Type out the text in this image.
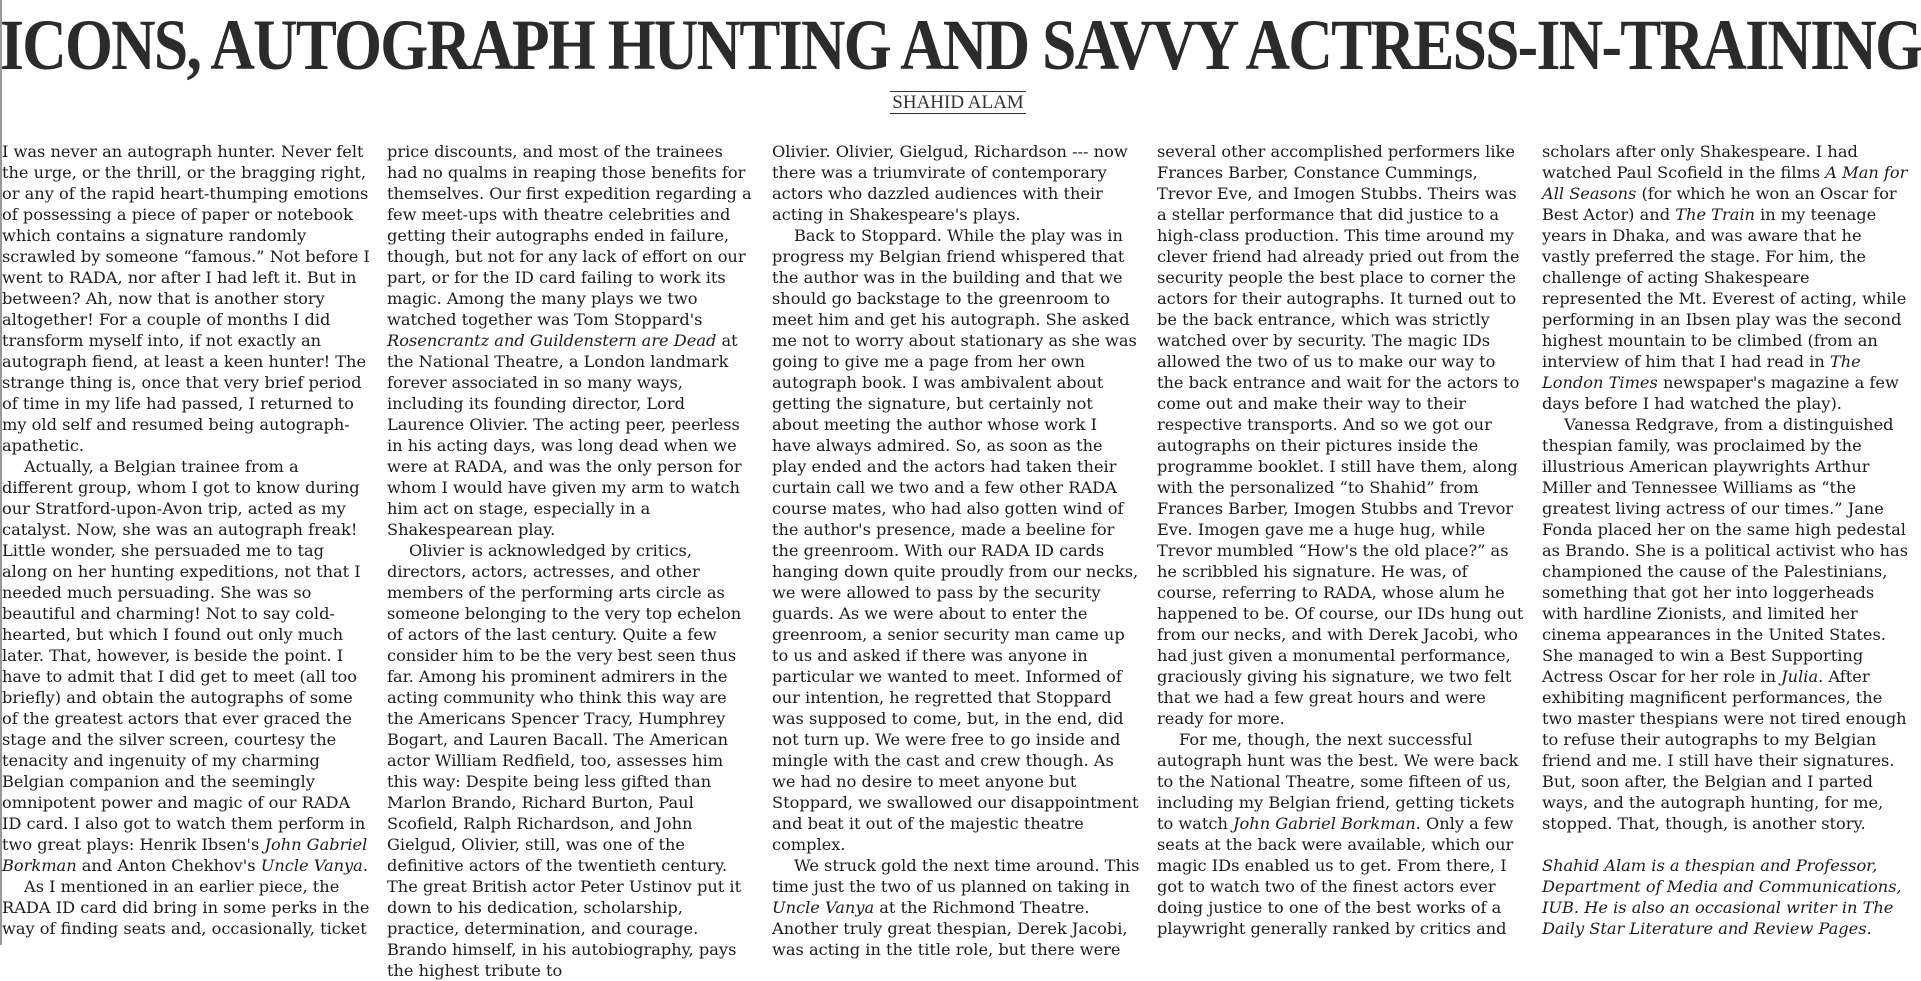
ICONS, AUTOGRAPH HUNTING AND SAVVY ACTRESS-IN-TRAINING
SHAHID ALAM

I was never an autograph hunter. Never felt the urge, or the thrill, or the bragging right, or any of the rapid heart-thumping emotions of possessing a piece of paper or notebook which contains a signature randomly scrawled by someone “famous.” Not before I went to RADA, nor after I had left it. But in between? Ah, now that is another story altogether! For a couple of months I did transform myself into, if not exactly an autograph fiend, at least a keen hunter! The strange thing is, once that very brief period of time in my life had passed, I returned to my old self and resumed being autograph-apathetic.

Actually, a Belgian trainee from a different group, whom I got to know during our Stratford-upon-Avon trip, acted as my catalyst. Now, she was an autograph freak! Little wonder, she persuaded me to tag along on her hunting expeditions, not that I needed much persuading. She was so beautiful and charming! Not to say cold-hearted, but which I found out only much later. That, however, is beside the point. I have to admit that I did get to meet (all too briefly) and obtain the autographs of some of the greatest actors that ever graced the stage and the silver screen, courtesy the tenacity and ingenuity of my charming Belgian companion and the seemingly omnipotent power and magic of our RADA ID card. I also got to watch them perform in two great plays: Henrik Ibsen's John Gabriel Borkman and Anton Chekhov's Uncle Vanya.

As I mentioned in an earlier piece, the RADA ID card did bring in some perks in the way of finding seats and, occasionally, ticket

price discounts, and most of the trainees had no qualms in reaping those benefits for themselves. Our first expedition regarding a few meet-ups with theatre celebrities and getting their autographs ended in failure, though, but not for any lack of effort on our part, or for the ID card failing to work its magic. Among the many plays we two watched together was Tom Stoppard's Rosencrantz and Guildenstern are Dead at the National Theatre, a London landmark forever associated in so many ways, including its founding director, Lord Laurence Olivier. The acting peer, peerless in his acting days, was long dead when we were at RADA, and was the only person for whom I would have given my arm to watch him act on stage, especially in a Shakespearean play.

Olivier is acknowledged by critics, directors, actors, actresses, and other members of the performing arts circle as someone belonging to the very top echelon of actors of the last century. Quite a few consider him to be the very best seen thus far. Among his prominent admirers in the acting community who think this way are the Americans Spencer Tracy, Humphrey Bogart, and Lauren Bacall. The American actor William Redfield, too, assesses him this way: Despite being less gifted than Marlon Brando, Richard Burton, Paul Scofield, Ralph Richardson, and John Gielgud, Olivier, still, was one of the definitive actors of the twentieth century. The great British actor Peter Ustinov put it down to his dedication, scholarship, practice, determination, and courage. Brando himself, in his autobiography, pays the highest tribute to

Olivier. Olivier, Gielgud, Richardson --- now there was a triumvirate of contemporary actors who dazzled audiences with their acting in Shakespeare's plays.

Back to Stoppard. While the play was in progress my Belgian friend whispered that the author was in the building and that we should go backstage to the greenroom to meet him and get his autograph. She asked me not to worry about stationary as she was going to give me a page from her own autograph book. I was ambivalent about getting the signature, but certainly not about meeting the author whose work I have always admired. So, as soon as the play ended and the actors had taken their curtain call we two and a few other RADA course mates, who had also gotten wind of the author's presence, made a beeline for the greenroom. With our RADA ID cards hanging down quite proudly from our necks, we were allowed to pass by the security guards. As we were about to enter the greenroom, a senior security man came up to us and asked if there was anyone in particular we wanted to meet. Informed of our intention, he regretted that Stoppard was supposed to come, but, in the end, did not turn up. We were free to go inside and mingle with the cast and crew though. As we had no desire to meet anyone but Stoppard, we swallowed our disappointment and beat it out of the majestic theatre complex.

We struck gold the next time around. This time just the two of us planned on taking in Uncle Vanya at the Richmond Theatre. Another truly great thespian, Derek Jacobi, was acting in the title role, but there were

several other accomplished performers like Frances Barber, Constance Cummings, Trevor Eve, and Imogen Stubbs. Theirs was a stellar performance that did justice to a high-class production. This time around my clever friend had already pried out from the security people the best place to corner the actors for their autographs. It turned out to be the back entrance, which was strictly watched over by security. The magic IDs allowed the two of us to make our way to the back entrance and wait for the actors to come out and make their way to their respective transports. And so we got our autographs on their pictures inside the programme booklet. I still have them, along with the personalized “to Shahid” from Frances Barber, Imogen Stubbs and Trevor Eve. Imogen gave me a huge hug, while Trevor mumbled “How's the old place?” as he scribbled his signature. He was, of course, referring to RADA, whose alum he happened to be. Of course, our IDs hung out from our necks, and with Derek Jacobi, who had just given a monumental performance, graciously giving his signature, we two felt that we had a few great hours and were ready for more.

For me, though, the next successful autograph hunt was the best. We were back to the National Theatre, some fifteen of us, including my Belgian friend, getting tickets to watch John Gabriel Borkman. Only a few seats at the back were available, which our magic IDs enabled us to get. From there, I got to watch two of the finest actors ever doing justice to one of the best works of a playwright generally ranked by critics and

scholars after only Shakespeare. I had watched Paul Scofield in the films A Man for All Seasons (for which he won an Oscar for Best Actor) and The Train in my teenage years in Dhaka, and was aware that he vastly preferred the stage. For him, the challenge of acting Shakespeare represented the Mt. Everest of acting, while performing in an Ibsen play was the second highest mountain to be climbed (from an interview of him that I had read in The London Times newspaper's magazine a few days before I had watched the play).

Vanessa Redgrave, from a distinguished thespian family, was proclaimed by the illustrious American playwrights Arthur Miller and Tennessee Williams as “the greatest living actress of our times.” Jane Fonda placed her on the same high pedestal as Brando. She is a political activist who has championed the cause of the Palestinians, something that got her into loggerheads with hardline Zionists, and limited her cinema appearances in the United States. She managed to win a Best Supporting Actress Oscar for her role in Julia. After exhibiting magnificent performances, the two master thespians were not tired enough to refuse their autographs to my Belgian friend and me. I still have their signatures. But, soon after, the Belgian and I parted ways, and the autograph hunting, for me, stopped. That, though, is another story.

Shahid Alam is a thespian and Professor, Department of Media and Communications, IUB. He is also an occasional writer in The Daily Star Literature and Review Pages.
